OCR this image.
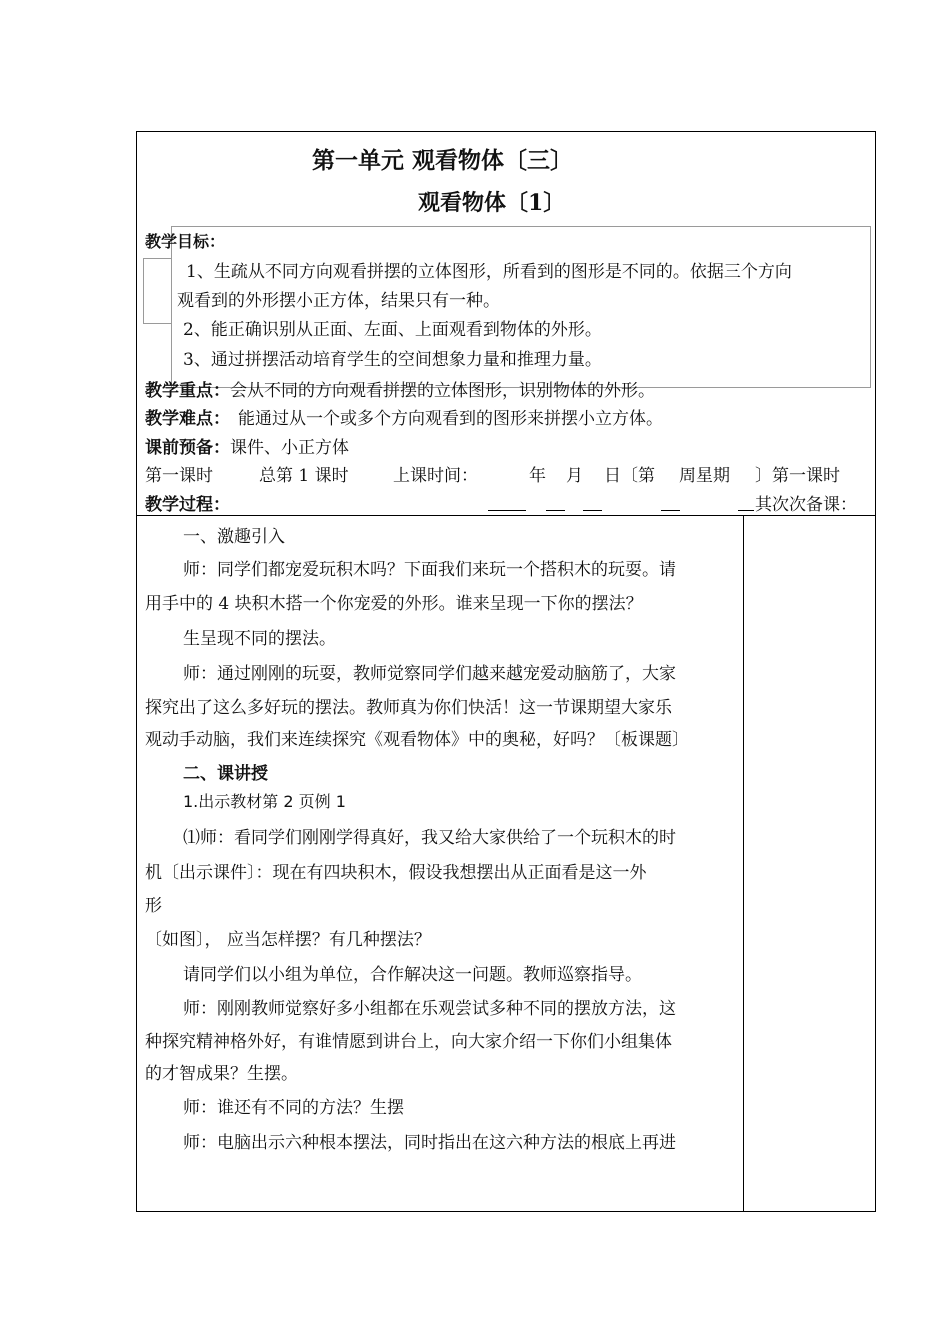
第一单元 观看物体〔三〕
观看物体〔1〕
教学目标：
1、生疏从不同方向观看拼摆的立体图形，所看到的图形是不同的。依据三个方向
观看到的外形摆小正方体，结果只有一种。
2、能正确识别从正面、左面、上面观看到物体的外形。
3、通过拼摆活动培育学生的空间想象力量和推理力量。
教学重点：会从不同的方向观看拼摆的立体图形，识别物体的外形。
教学难点： 能通过从一个或多个方向观看到的图形来拼摆小立方体。
课前预备：课件、小正方体
第一课时	总第 1 课时	上课时间：	年 月 日〔第 周星期 〕第一课时
教学过程：	其次次备课：
一、激趣引入
师：同学们都宠爱玩积木吗？下面我们来玩一个搭积木的玩耍。请
用手中的 4 块积木搭一个你宠爱的外形。谁来呈现一下你的摆法？
生呈现不同的摆法。
师：通过刚刚的玩耍，教师觉察同学们越来越宠爱动脑筋了，大家
探究出了这么多好玩的摆法。教师真为你们快活！这一节课期望大家乐
观动手动脑，我们来连续探究《观看物体》中的奥秘，好吗？〔板课题〕
二、课讲授
1.出示教材第 2 页例 1
⑴师：看同学们刚刚学得真好，我又给大家供给了一个玩积木的时
机〔出示课件〕：现在有四块积木，假设我想摆出从正面看是这一外
形
〔如图〕， 应当怎样摆？有几种摆法？
请同学们以小组为单位，合作解决这一问题。教师巡察指导。
师：刚刚教师觉察好多小组都在乐观尝试多种不同的摆放方法，这
种探究精神格外好，有谁情愿到讲台上，向大家介绍一下你们小组集体
的才智成果？生摆。
师：谁还有不同的方法？生摆
师：电脑出示六种根本摆法，同时指出在这六种方法的根底上再进
